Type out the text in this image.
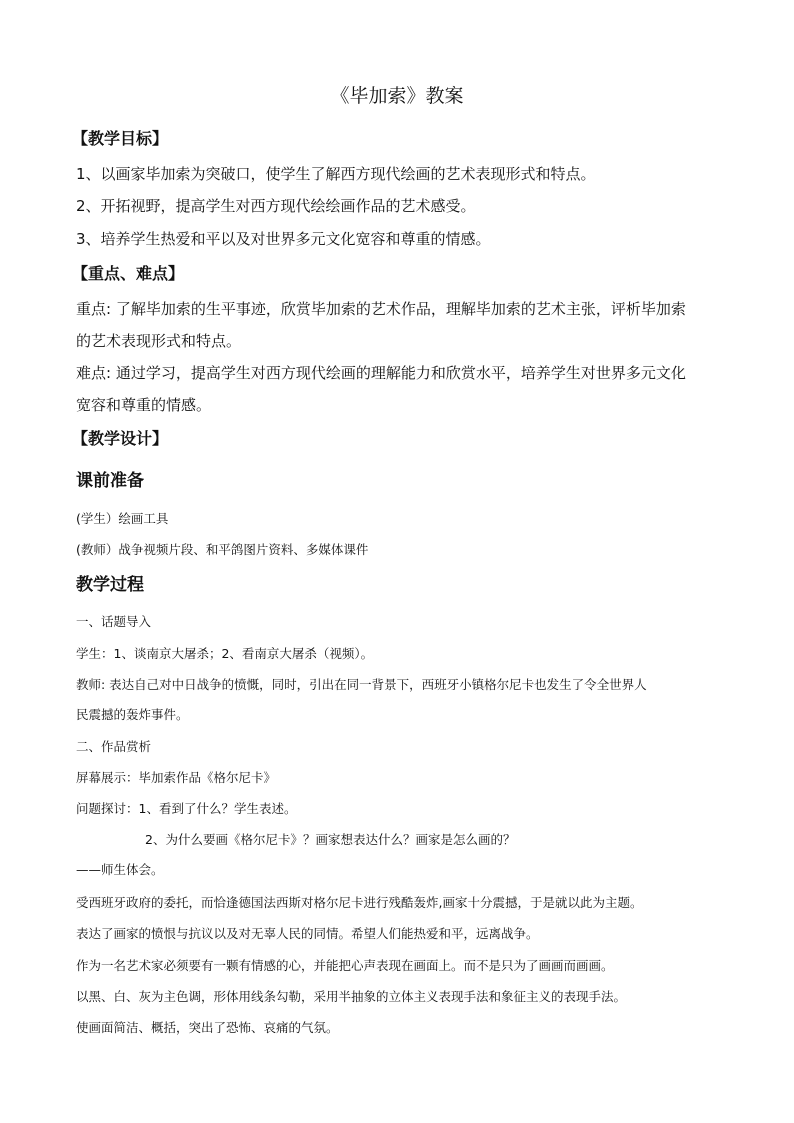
《毕加索》教案
【教学目标】
1、以画家毕加索为突破口，使学生了解西方现代绘画的艺术表现形式和特点。
2、开拓视野，提高学生对西方现代绘绘画作品的艺术感受。
3、培养学生热爱和平以及对世界多元文化宽容和尊重的情感。
【重点、难点】
重点: 了解毕加索的生平事迹，欣赏毕加索的艺术作品，理解毕加索的艺术主张，评析毕加索
的艺术表现形式和特点。
难点: 通过学习，提高学生对西方现代绘画的理解能力和欣赏水平，培养学生对世界多元文化
宽容和尊重的情感。
【教学设计】
课前准备
(学生）绘画工具
(教师）战争视频片段、和平鸽图片资料、多媒体课件
教学过程
一、话题导入
学生：1、谈南京大屠杀；2、看南京大屠杀（视频）。
教师: 表达自己对中日战争的愤慨，同时，引出在同一背景下，西班牙小镇格尔尼卡也发生了令全世界人
民震撼的轰炸事件。
二、作品赏析
屏幕展示：毕加索作品《格尔尼卡》
问题探讨：1、看到了什么？学生表述。
2、为什么要画《格尔尼卡》？画家想表达什么？画家是怎么画的？
——师生体会。
受西班牙政府的委托，而恰逢德国法西斯对格尔尼卡进行残酷轰炸,画家十分震撼，于是就以此为主题。
表达了画家的愤恨与抗议以及对无辜人民的同情。希望人们能热爱和平，远离战争。
作为一名艺术家必须要有一颗有情感的心，并能把心声表现在画面上。而不是只为了画画而画画。
以黑、白、灰为主色调，形体用线条勾勒，采用半抽象的立体主义表现手法和象征主义的表现手法。
使画面简洁、概括，突出了恐怖、哀痛的气氛。
